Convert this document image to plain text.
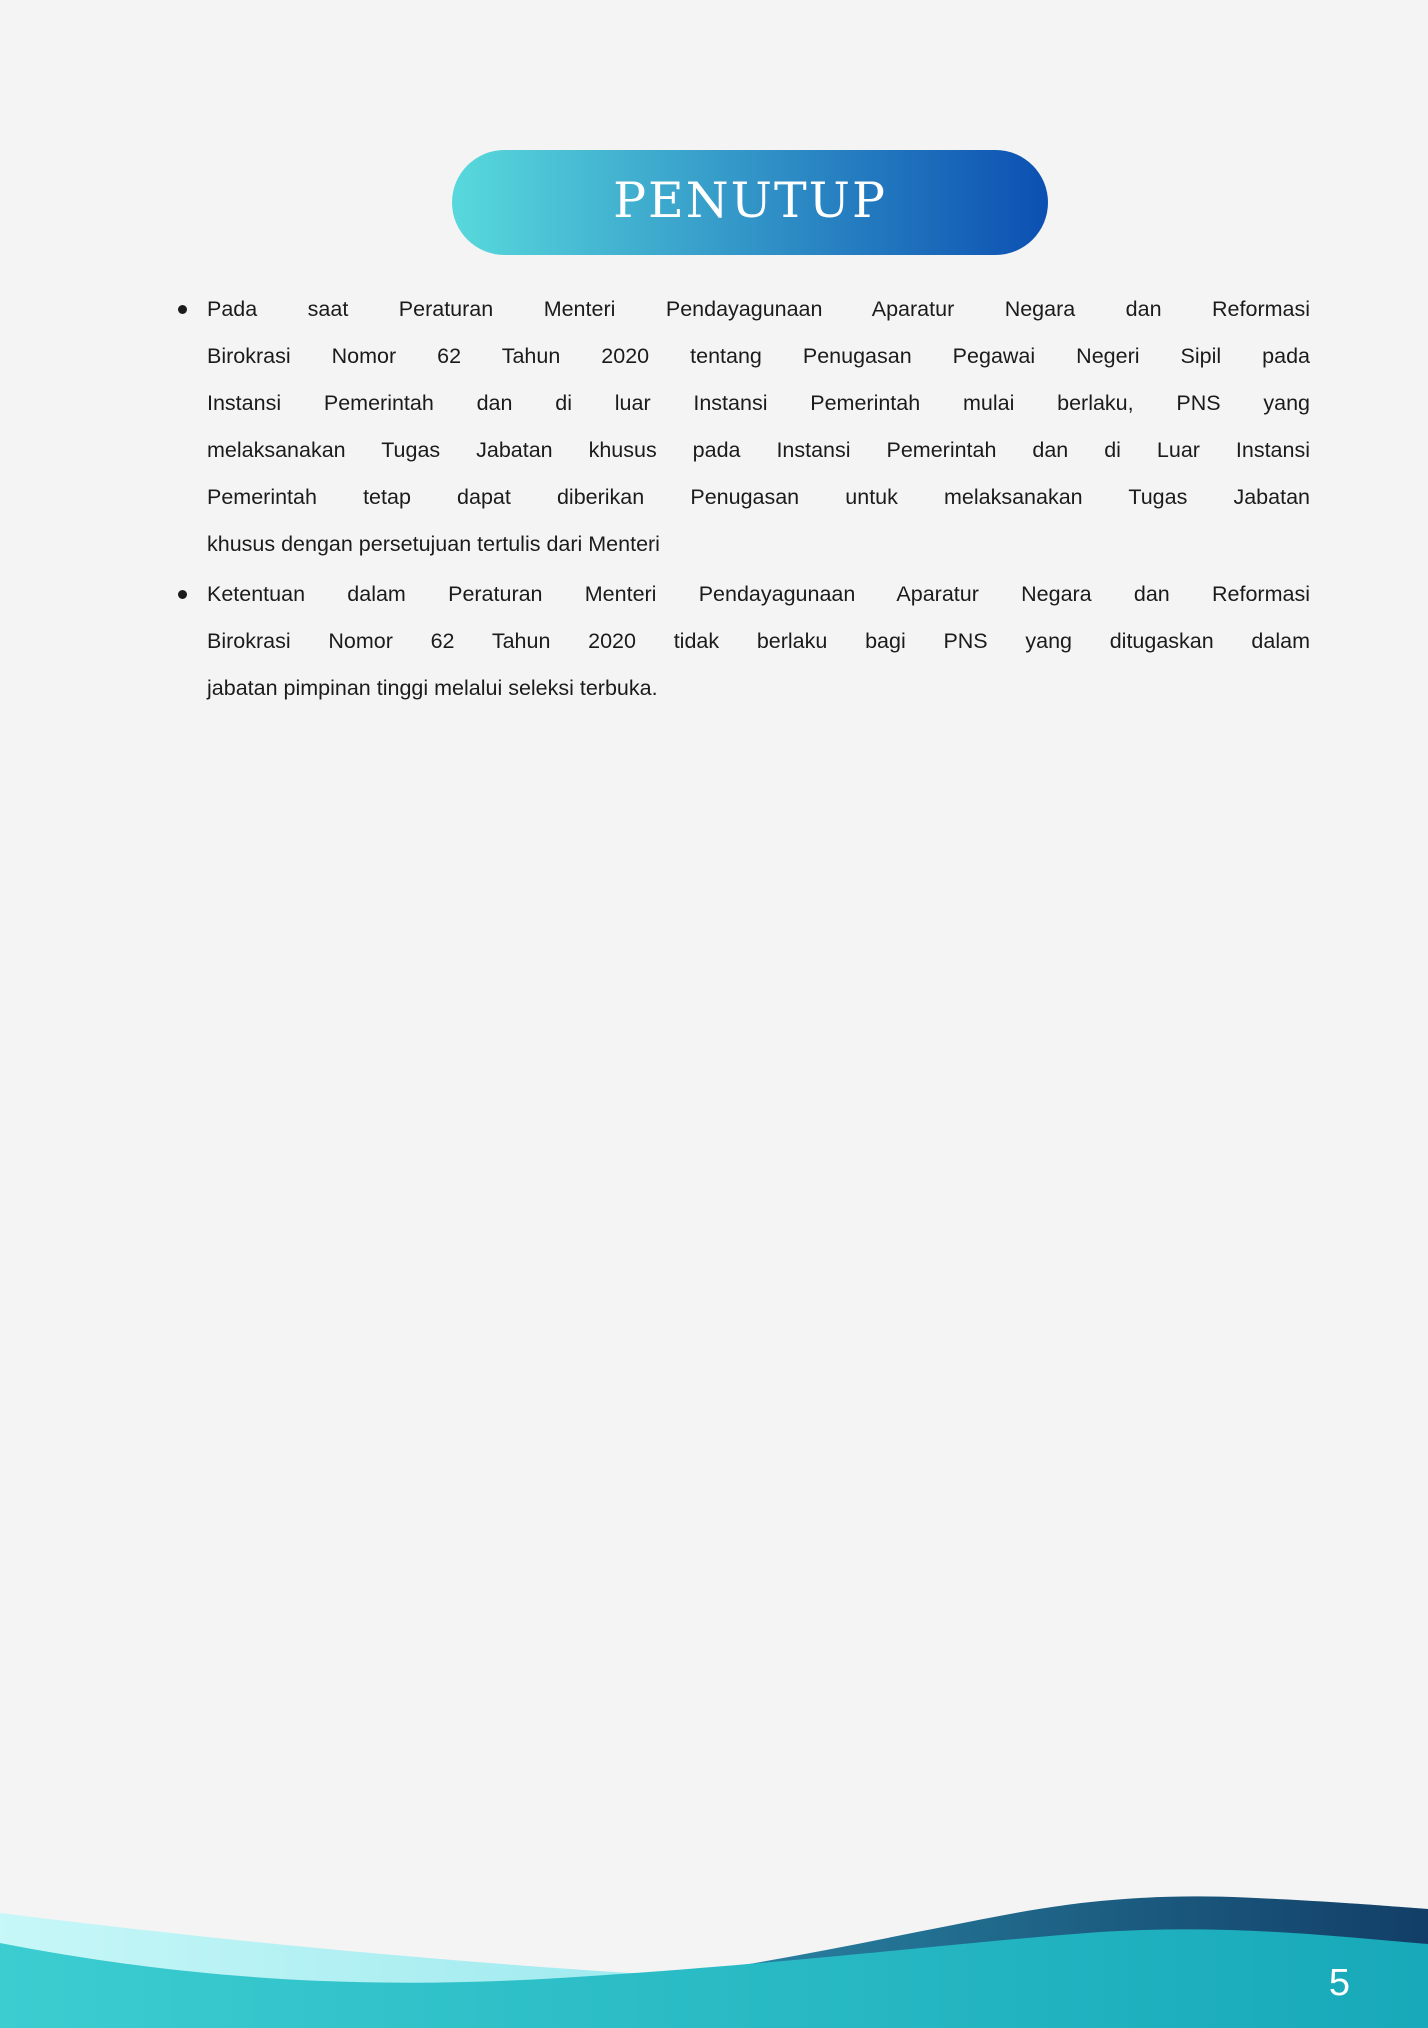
PENUTUP
Pada saat Peraturan Menteri Pendayagunaan Aparatur Negara dan Reformasi
Birokrasi Nomor 62 Tahun 2020 tentang Penugasan Pegawai Negeri Sipil pada
Instansi Pemerintah dan di luar Instansi Pemerintah mulai berlaku, PNS yang
melaksanakan Tugas Jabatan khusus pada Instansi Pemerintah dan di Luar Instansi
Pemerintah tetap dapat diberikan Penugasan untuk melaksanakan Tugas Jabatan
khusus dengan persetujuan tertulis dari Menteri
Ketentuan dalam Peraturan Menteri Pendayagunaan Aparatur Negara dan Reformasi
Birokrasi Nomor 62 Tahun 2020 tidak berlaku bagi PNS yang ditugaskan dalam
jabatan pimpinan tinggi melalui seleksi terbuka.
5
